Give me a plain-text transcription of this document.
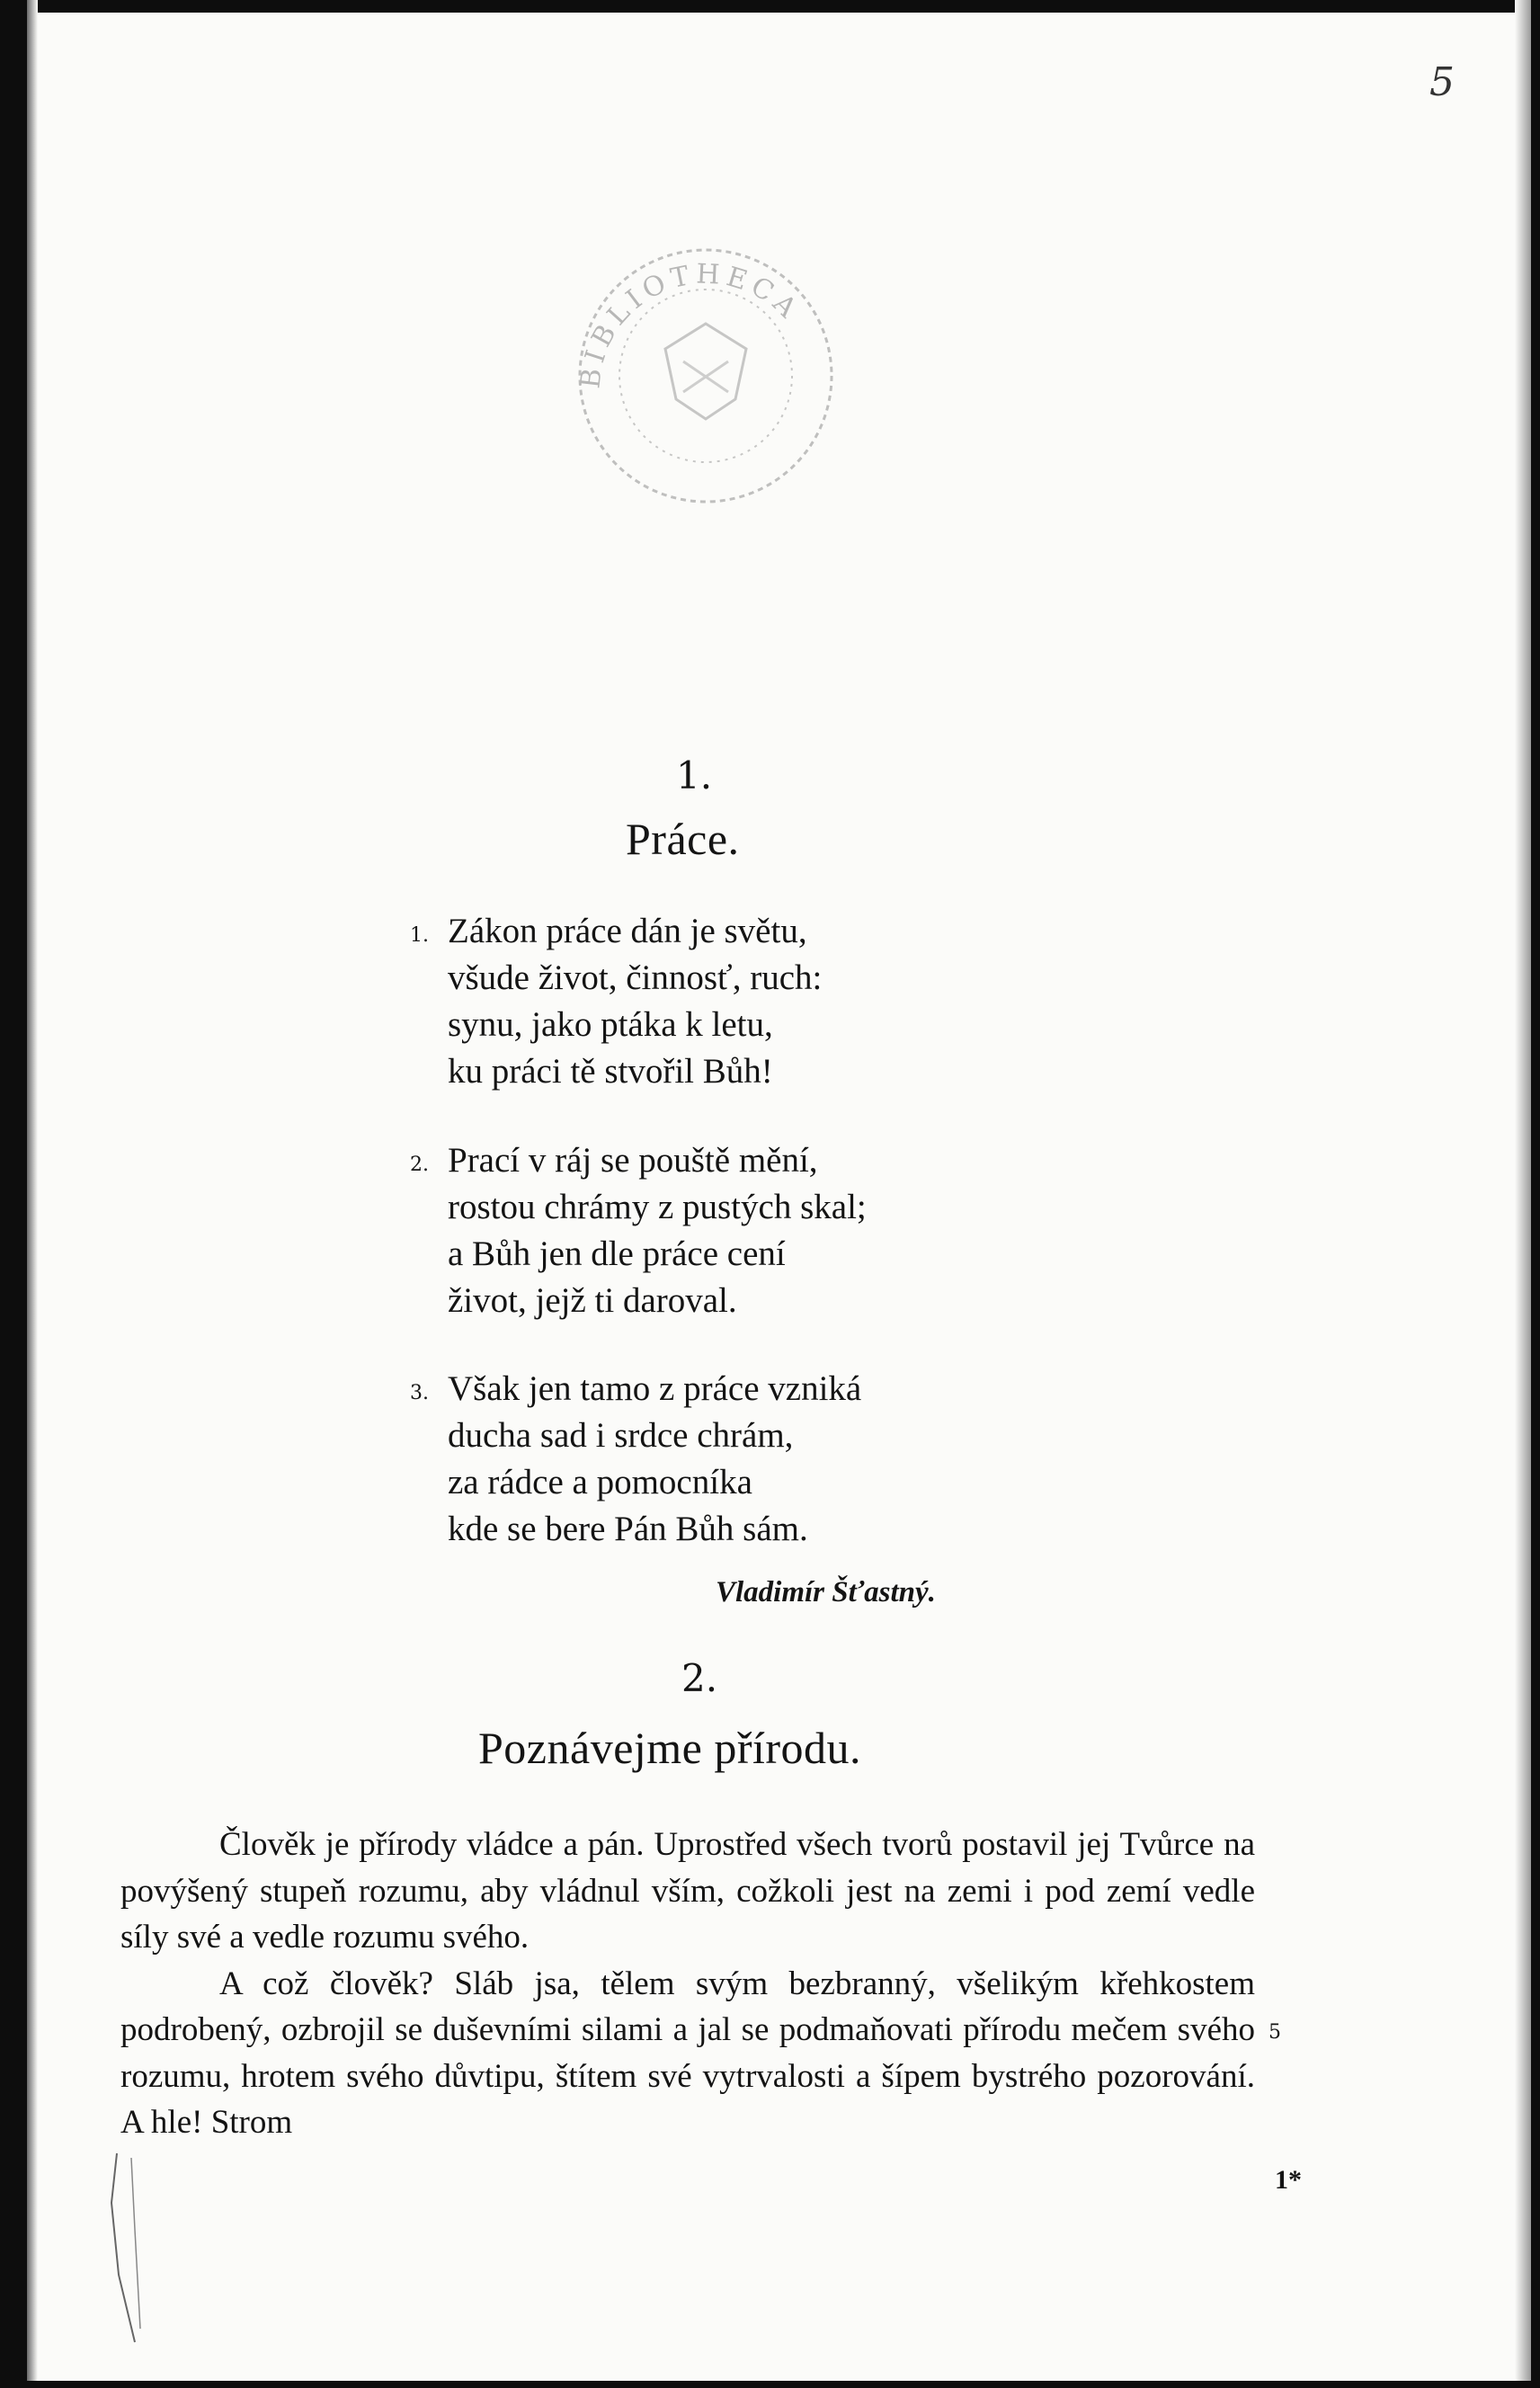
5
BIBLIOTHECA
1.
Práce.
1. Zákon práce dán je světu,
všude život, činnosť, ruch:
synu, jako ptáka k letu,
ku práci tě stvořil Bůh!
2. Prací v ráj se pouště mění,
rostou chrámy z pustých skal;
a Bůh jen dle práce cení
život, jejž ti daroval.
3. Však jen tamo z práce vzniká
ducha sad i srdce chrám,
za rádce a pomocníka
kde se bere Pán Bůh sám.
Vladimír Šťastný.
2.
Poznávejme přírodu.

Člověk je přírody vládce a pán. Uprostřed všech tvorů postavil jej Tvůrce na povýšený stupeň rozumu, aby vládnul vším, cožkoli jest na zemi i pod zemí vedle síly své a vedle rozumu svého.

A což člověk? Sláb jsa, tělem svým bezbranný, všelikým křehkostem podrobený, ozbrojil se duševními silami a jal se podmaňovati přírodu mečem svého rozumu, hrotem svého důvtipu, štítem své vytrvalosti a šípem bystrého pozorování. A hle! Strom

5
1*
